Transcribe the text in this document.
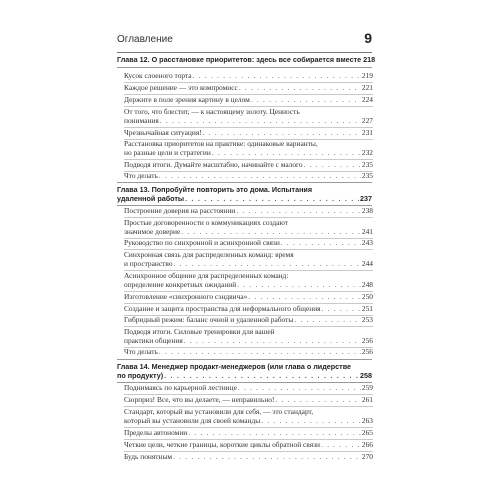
Оглавление	9
Глава 12. О расстановке приоритетов: здесь все собирается вместе 218
Кусок слоеного торта . . .	219
Каждое решение — это компромисс . . .	221
Держите в поле зрения картину в целом . . .	224
От того, что блестит, — к настоящему золоту. Ценность
понимания . . .	227
Чрезвычайная ситуация! . . .	231
Расстановка приоритетов на практике: одинаковые варианты,
но разные цели и стратегии . . .	232
Подводя итоги. Думайте масштабно, начинайте с малого . . .	235
Что делать . . .	235
Глава 13. Попробуйте повторить это дома. Испытания
удаленной работы . . .	237
Построение доверия на расстоянии . . .	238
Простые договоренности о коммуникациях создают
значимое доверие . . .	241
Руководство по синхронной и асинхронной связи . . .	243
Синхронная связь для распределенных команд: время
и пространство . . .	244
Асинхронное общение для распределенных команд:
определение конкретных ожиданий . . .	248
Изготовление «синхронного сэндвича» . . .	250
Создание и защита пространства для неформального общения . . .	251
Гибридный режим: баланс очной и удаленной работы . . .	253
Подводя итоги. Силовые тренировки для вашей
практики общения . . .	256
Что делать . . .	256
Глава 14. Менеджер продакт-менеджеров (или глава о лидерстве
по продукту) . . .	258
Поднимаясь по карьерной лестнице . . .	259
Сюрприз! Все, что вы делаете, — неправильно! . . .	261
Стандарт, который вы установили для себя, — это стандарт,
который вы установили для своей команды . . .	263
Пределы автономии . . .	265
Четкие цели, четкие границы, короткие циклы обратной связи . . .	266
Будь понятным . . .	270
